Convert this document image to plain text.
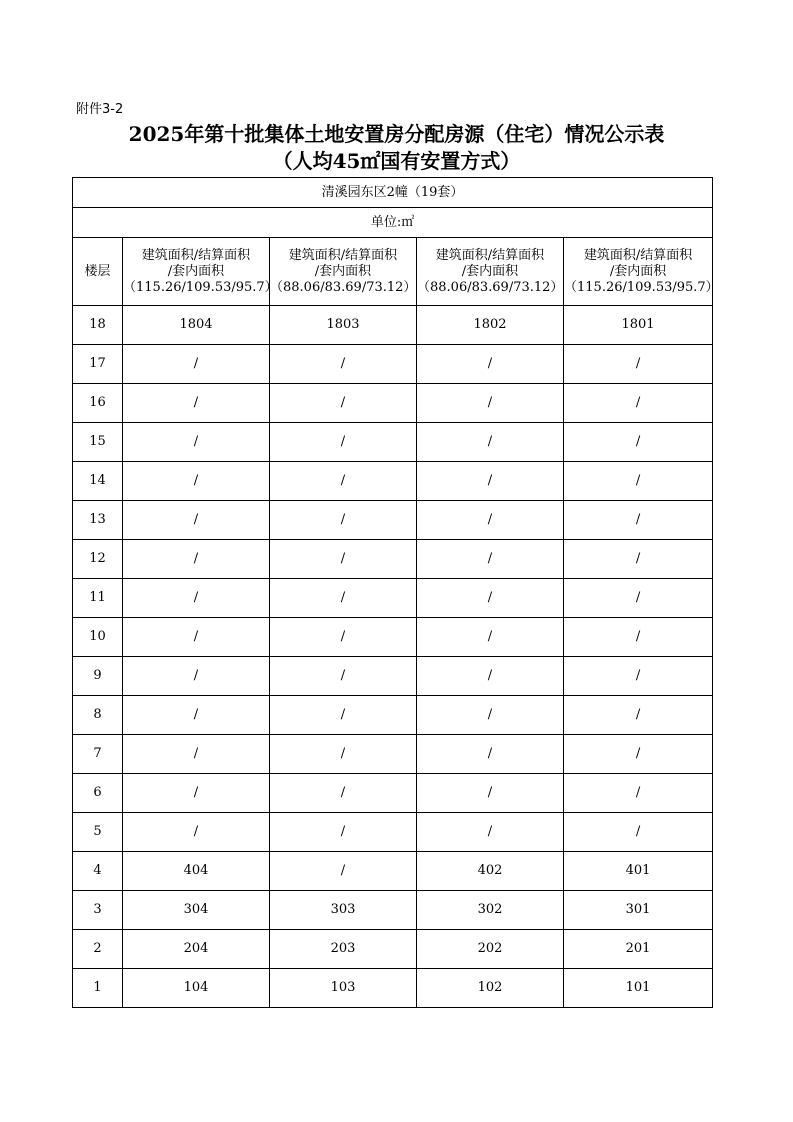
附件3-2
2025年第十批集体土地安置房分配房源（住宅）情况公示表
（人均45㎡国有安置方式）
清溪园东区2幢（19套）				
单位:㎡				
楼层	建筑面积/结算面积
/套内面积
（115.26/109.53/95.7）	建筑面积/结算面积
/套内面积
（88.06/83.69/73.12）	建筑面积/结算面积
/套内面积
（88.06/83.69/73.12）	建筑面积/结算面积
/套内面积
（115.26/109.53/95.7）
18	1804	1803	1802	1801
17	/	/	/	/
16	/	/	/	/
15	/	/	/	/
14	/	/	/	/
13	/	/	/	/
12	/	/	/	/
11	/	/	/	/
10	/	/	/	/
9	/	/	/	/
8	/	/	/	/
7	/	/	/	/
6	/	/	/	/
5	/	/	/	/
4	404	/	402	401
3	304	303	302	301
2	204	203	202	201
1	104	103	102	101
